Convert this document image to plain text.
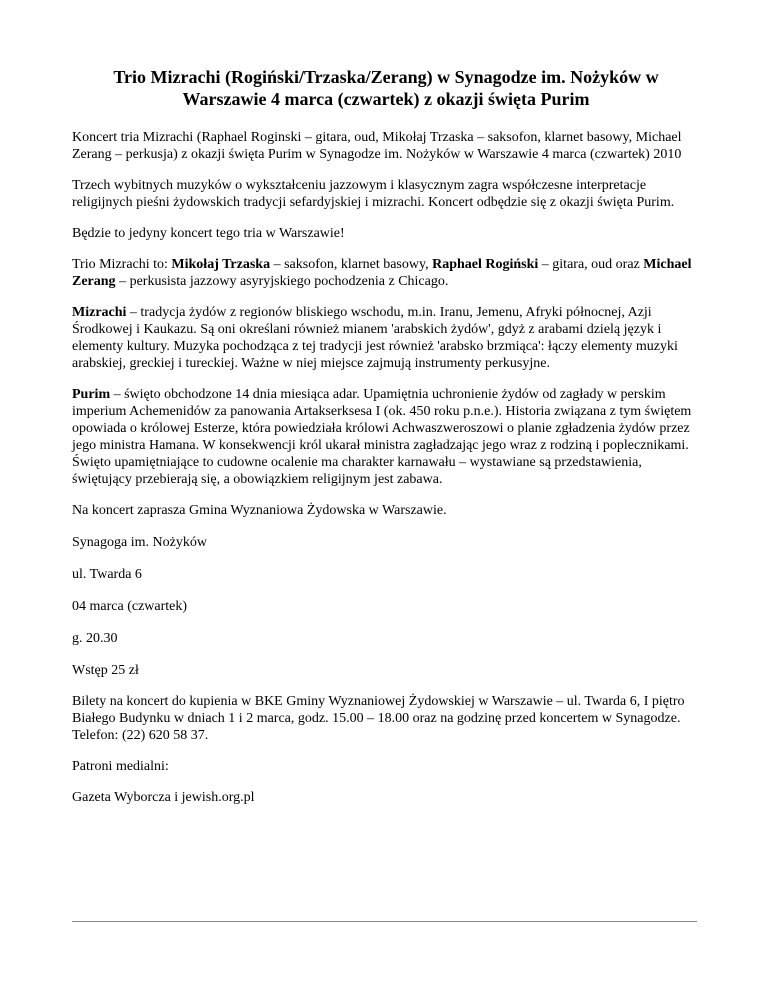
Trio Mizrachi (Rogiński/Trzaska/Zerang) w Synagodze im. Nożyków w Warszawie 4 marca (czwartek) z okazji święta Purim

Koncert tria Mizrachi (Raphael Roginski – gitara, oud, Mikołaj Trzaska – saksofon, klarnet basowy, Michael Zerang – perkusja) z okazji święta Purim w Synagodze im. Nożyków w Warszawie 4 marca (czwartek) 2010

Trzech wybitnych muzyków o wykształceniu jazzowym i klasycznym zagra współczesne interpretacje religijnych pieśni żydowskich tradycji sefardyjskiej i mizrachi. Koncert odbędzie się z okazji święta Purim.

Będzie to jedyny koncert tego tria w Warszawie!

Trio Mizrachi to: Mikołaj Trzaska – saksofon, klarnet basowy, Raphael Rogiński – gitara, oud oraz Michael Zerang – perkusista jazzowy asyryjskiego pochodzenia z Chicago.

Mizrachi – tradycja żydów z regionów bliskiego wschodu, m.in. Iranu, Jemenu, Afryki północnej, Azji Środkowej i Kaukazu. Są oni określani również mianem 'arabskich żydów', gdyż z arabami dzielą język i elementy kultury. Muzyka pochodząca z tej tradycji jest również 'arabsko brzmiąca': łączy elementy muzyki arabskiej, greckiej i tureckiej. Ważne w niej miejsce zajmują instrumenty perkusyjne.

Purim – święto obchodzone 14 dnia miesiąca adar. Upamiętnia uchronienie żydów od zagłady w perskim imperium Achemenidów za panowania Artakserksesa I (ok. 450 roku p.n.e.). Historia związana z tym świętem opowiada o królowej Esterze, która powiedziała królowi Achwaszweroszowi o planie zgładzenia żydów przez jego ministra Hamana. W konsekwencji król ukarał ministra zagładzając jego wraz z rodziną i poplecznikami. Święto upamiętniające to cudowne ocalenie ma charakter karnawału – wystawiane są przedstawienia, świętujący przebierają się, a obowiązkiem religijnym jest zabawa.

Na koncert zaprasza Gmina Wyznaniowa Żydowska w Warszawie.

Synagoga im. Nożyków

ul. Twarda 6

04 marca (czwartek)

g. 20.30

Wstęp 25 zł

Bilety na koncert do kupienia w BKE Gminy Wyznaniowej Żydowskiej w Warszawie – ul. Twarda 6, I piętro Białego Budynku w dniach 1 i 2 marca, godz. 15.00 – 18.00 oraz na godzinę przed koncertem w Synagodze. Telefon: (22) 620 58 37.

Patroni medialni:

Gazeta Wyborcza i jewish.org.pl
